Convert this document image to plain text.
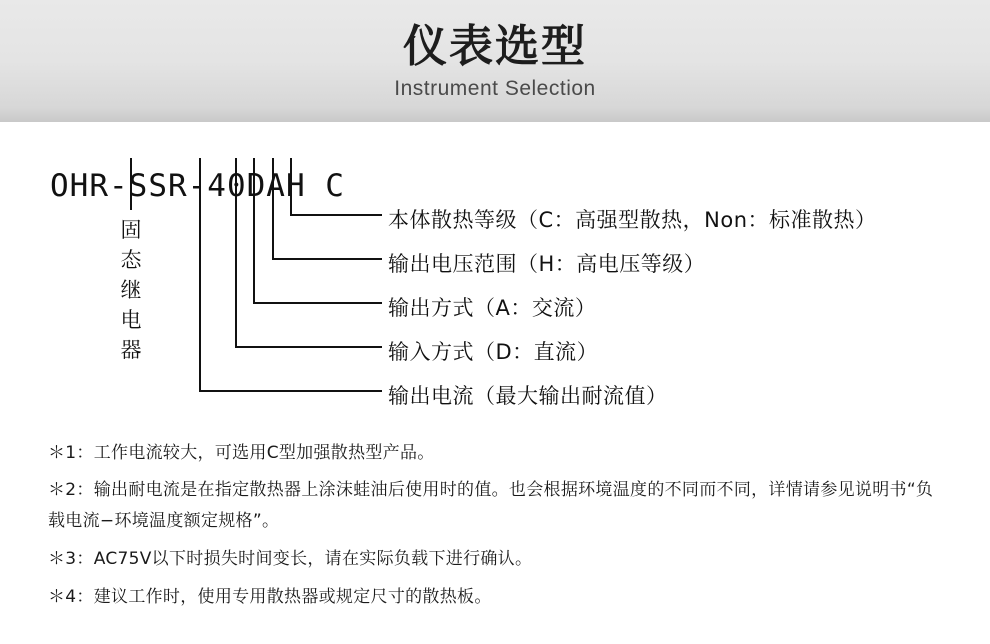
仪表选型
Instrument Selection
OHR-SSR-40DAH C
固
态
继
电
器
本体散热等级（C：高强型散热，Non：标准散热）
输出电压范围（H：高电压等级）
输出方式（A：交流）
输入方式（D：直流）
输出电流（最大输出耐流值）
＊1：工作电流较大，可选用C型加强散热型产品。
＊2：输出耐电流是在指定散热器上涂沫蛙油后使用时的值。也会根据环境温度的不同而不同，详情请参见说明书“负载电流−环境温度额定规格”。
＊3：AC75V以下时损失时间变长，请在实际负载下进行确认。
＊4：建议工作时，使用专用散热器或规定尺寸的散热板。
